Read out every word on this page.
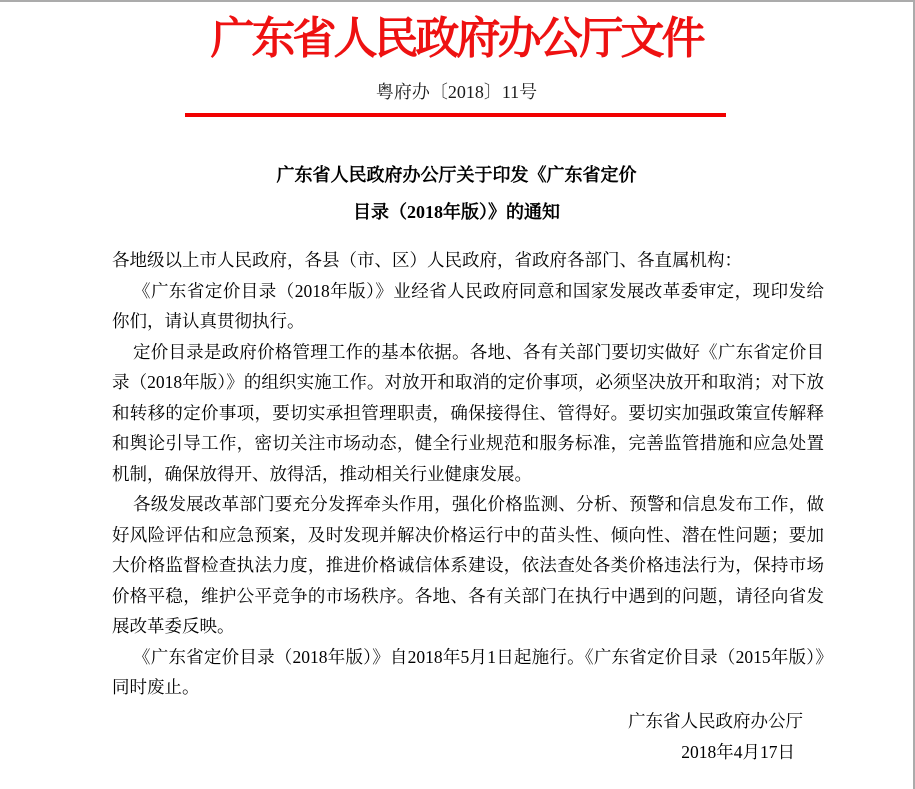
广东省人民政府办公厅文件
粤府办〔2018〕11号
广东省人民政府办公厅关于印发《广东省定价
目录（2018年版）》的通知

各地级以上市人民政府，各县（市、区）人民政府，省政府各部门、各直属机构：

《广东省定价目录（2018年版）》业经省人民政府同意和国家发展改革委审定，现印发给你们，请认真贯彻执行。

定价目录是政府价格管理工作的基本依据。各地、各有关部门要切实做好《广东省定价目录（2018年版）》的组织实施工作。对放开和取消的定价事项，必须坚决放开和取消；对下放和转移的定价事项，要切实承担管理职责，确保接得住、管得好。要切实加强政策宣传解释和舆论引导工作，密切关注市场动态，健全行业规范和服务标准，完善监管措施和应急处置机制，确保放得开、放得活，推动相关行业健康发展。

各级发展改革部门要充分发挥牵头作用，强化价格监测、分析、预警和信息发布工作，做好风险评估和应急预案，及时发现并解决价格运行中的苗头性、倾向性、潜在性问题；要加大价格监督检查执法力度，推进价格诚信体系建设，依法查处各类价格违法行为，保持市场价格平稳，维护公平竞争的市场秩序。各地、各有关部门在执行中遇到的问题，请径向省发展改革委反映。

《广东省定价目录（2018年版）》自2018年5月1日起施行。《广东省定价目录（2015年版）》同时废止。

广东省人民政府办公厅
2018年4月17日
